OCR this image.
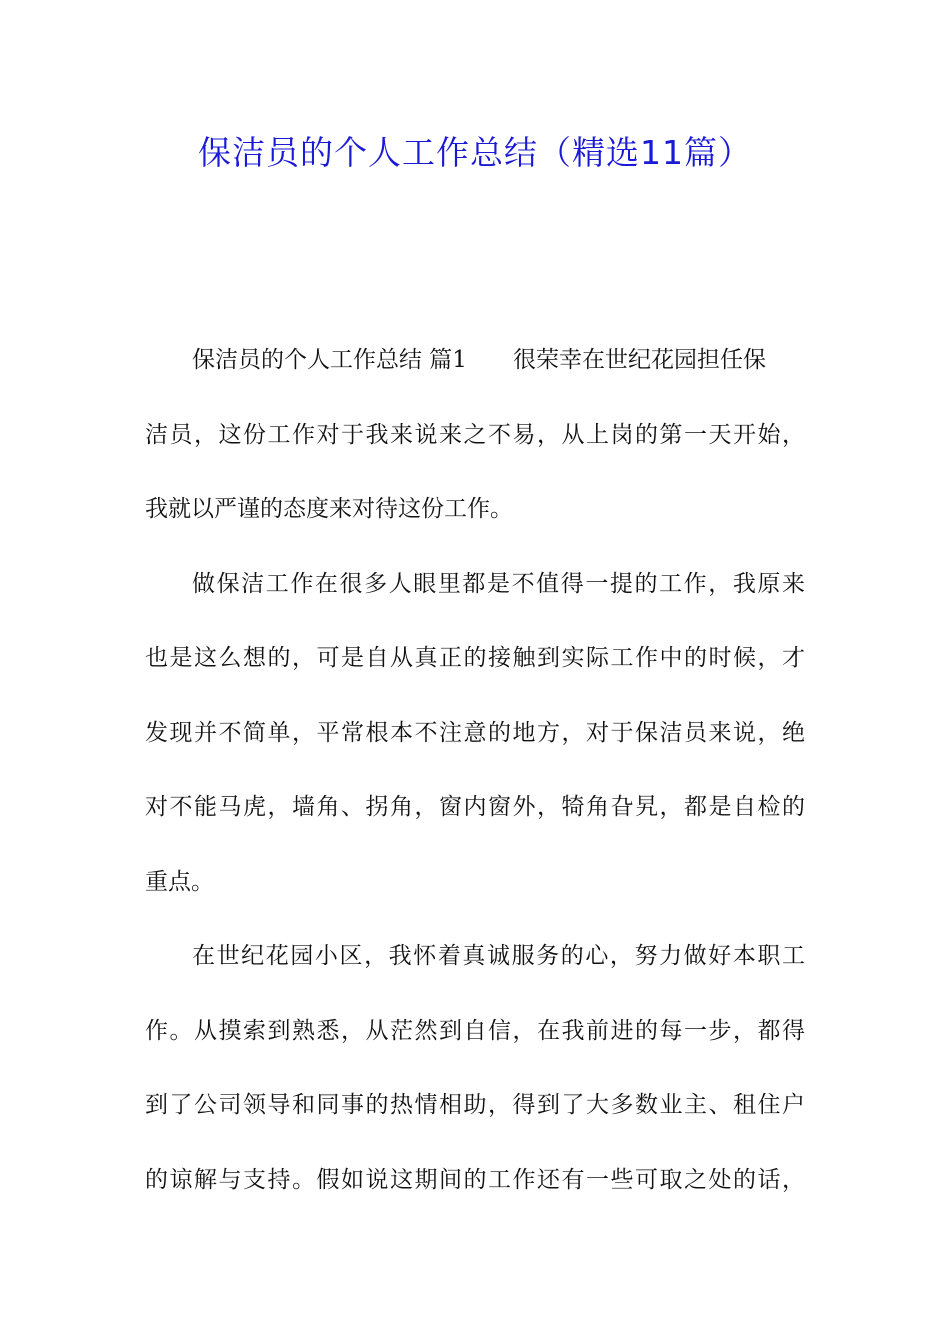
保洁员的个人工作总结（精选11篇）
保洁员的个人工作总结 篇1 很荣幸在世纪花园担任保
洁员，这份工作对于我来说来之不易，从上岗的第一天开始，
我就以严谨的态度来对待这份工作。
做保洁工作在很多人眼里都是不值得一提的工作，我原来
也是这么想的，可是自从真正的接触到实际工作中的时候，才
发现并不简单，平常根本不注意的地方，对于保洁员来说，绝
对不能马虎，墙角、拐角，窗内窗外，犄角旮旯，都是自检的
重点。
在世纪花园小区，我怀着真诚服务的心，努力做好本职工
作。从摸索到熟悉，从茫然到自信，在我前进的每一步，都得
到了公司领导和同事的热情相助，得到了大多数业主、租住户
的谅解与支持。假如说这期间的工作还有一些可取之处的话，
